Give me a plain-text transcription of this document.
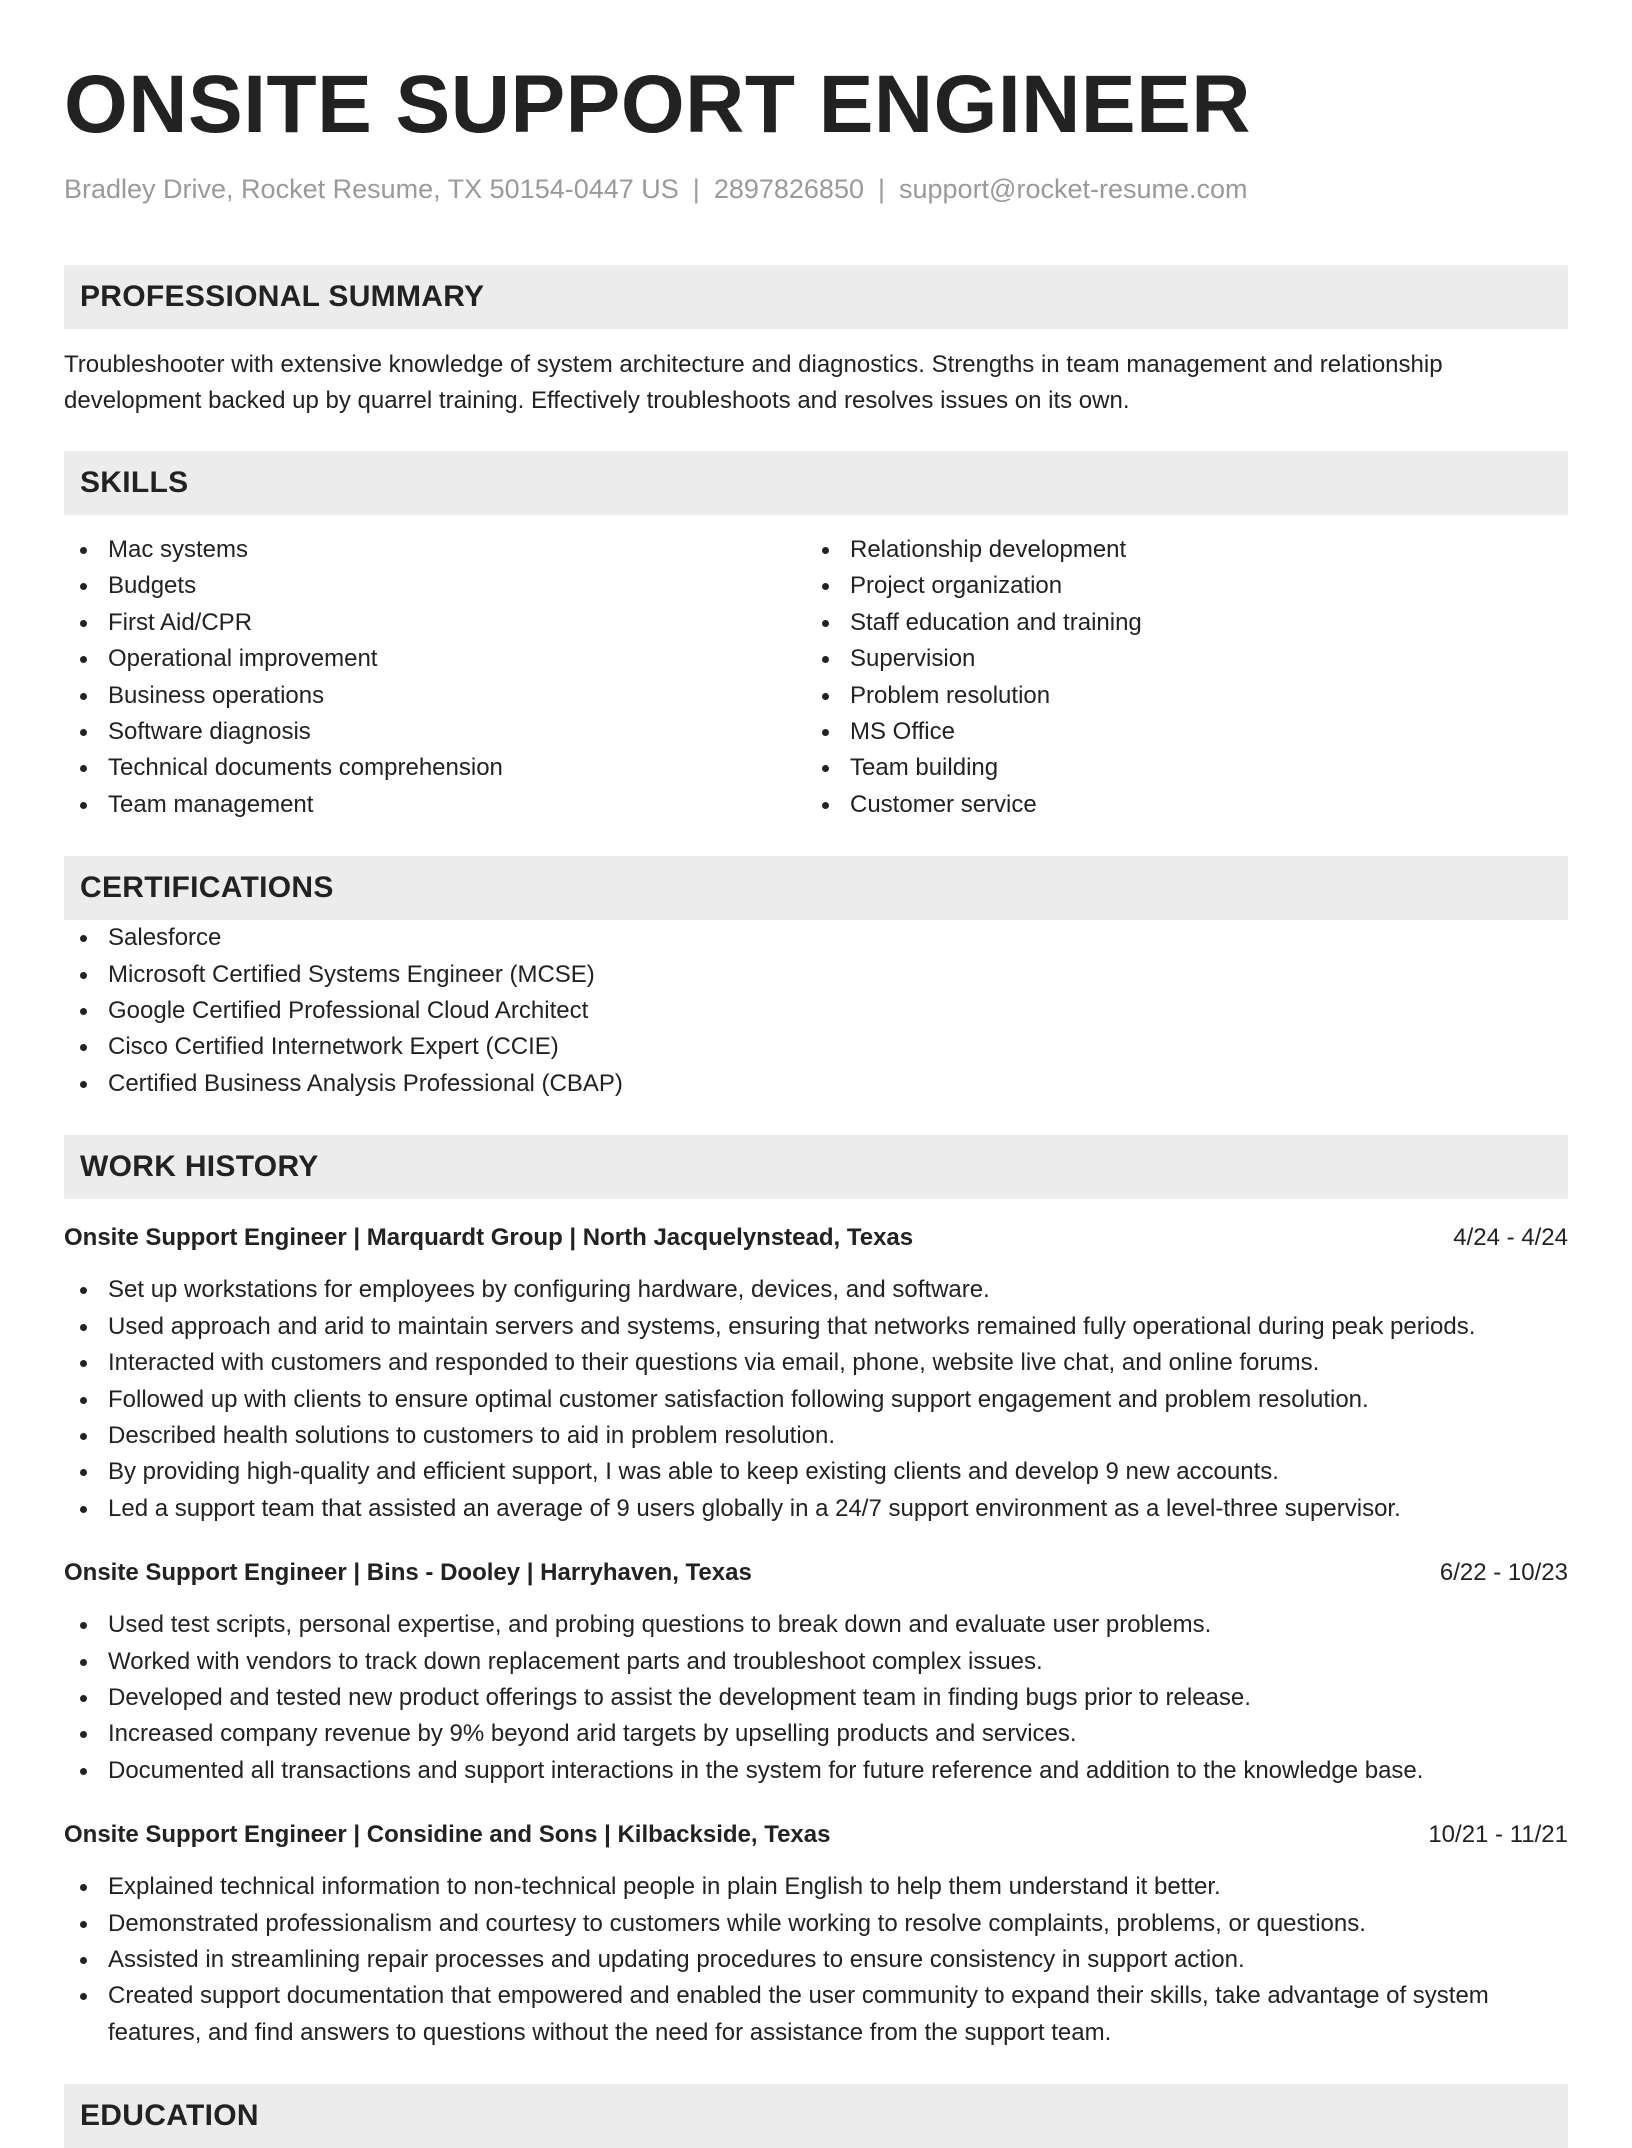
ONSITE SUPPORT ENGINEER
Bradley Drive, Rocket Resume, TX 50154-0447 US | 2897826850 | support@rocket-resume.com
PROFESSIONAL SUMMARY
Troubleshooter with extensive knowledge of system architecture and diagnostics. Strengths in team management and relationship development backed up by quarrel training. Effectively troubleshoots and resolves issues on its own.
SKILLS
Mac systems
Budgets
First Aid/CPR
Operational improvement
Business operations
Software diagnosis
Technical documents comprehension
Team management
Relationship development
Project organization
Staff education and training
Supervision
Problem resolution
MS Office
Team building
Customer service
CERTIFICATIONS
Salesforce
Microsoft Certified Systems Engineer (MCSE)
Google Certified Professional Cloud Architect
Cisco Certified Internetwork Expert (CCIE)
Certified Business Analysis Professional (CBAP)
WORK HISTORY
Onsite Support Engineer | Marquardt Group | North Jacquelynstead, Texas	4/24 - 4/24
Set up workstations for employees by configuring hardware, devices, and software.
Used approach and arid to maintain servers and systems, ensuring that networks remained fully operational during peak periods.
Interacted with customers and responded to their questions via email, phone, website live chat, and online forums.
Followed up with clients to ensure optimal customer satisfaction following support engagement and problem resolution.
Described health solutions to customers to aid in problem resolution.
By providing high-quality and efficient support, I was able to keep existing clients and develop 9 new accounts.
Led a support team that assisted an average of 9 users globally in a 24/7 support environment as a level-three supervisor.
Onsite Support Engineer | Bins - Dooley | Harryhaven, Texas	6/22 - 10/23
Used test scripts, personal expertise, and probing questions to break down and evaluate user problems.
Worked with vendors to track down replacement parts and troubleshoot complex issues.
Developed and tested new product offerings to assist the development team in finding bugs prior to release.
Increased company revenue by 9% beyond arid targets by upselling products and services.
Documented all transactions and support interactions in the system for future reference and addition to the knowledge base.
Onsite Support Engineer | Considine and Sons | Kilbackside, Texas	10/21 - 11/21
Explained technical information to non-technical people in plain English to help them understand it better.
Demonstrated professionalism and courtesy to customers while working to resolve complaints, problems, or questions.
Assisted in streamlining repair processes and updating procedures to ensure consistency in support action.
Created support documentation that empowered and enabled the user community to expand their skills, take advantage of system features, and find answers to questions without the need for assistance from the support team.
EDUCATION
